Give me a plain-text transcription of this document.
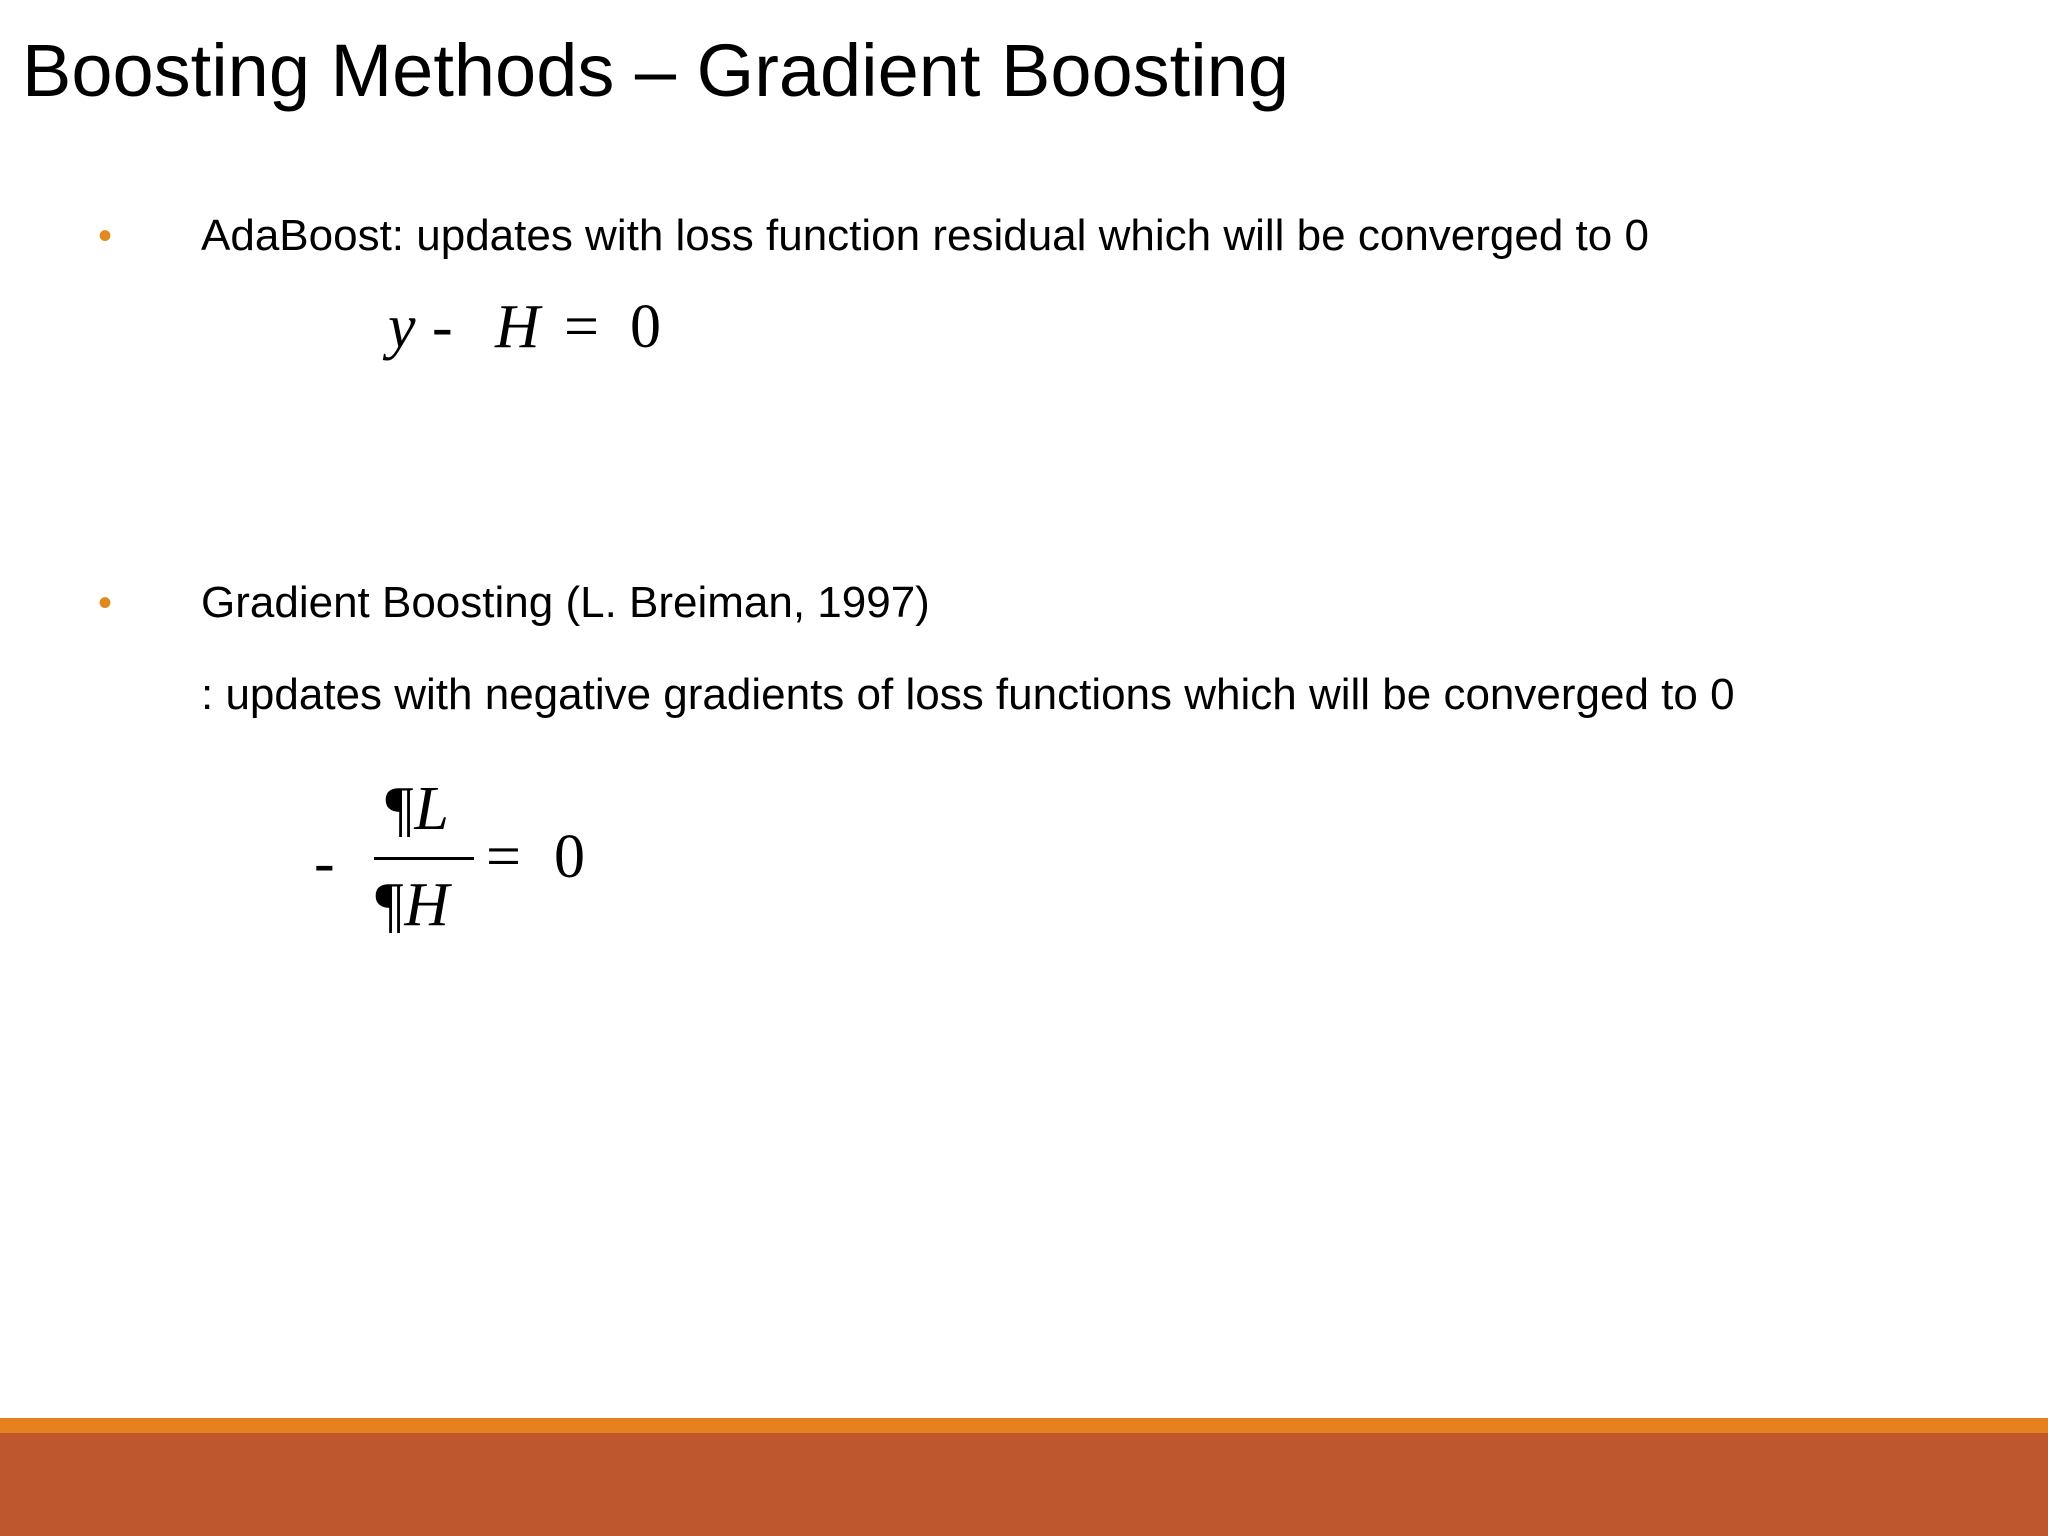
Boosting Methods – Gradient Boosting
• AdaBoost: updates with loss function residual which will be converged to 0
y - H = 0
• Gradient Boosting (L. Breiman, 1997)
: updates with negative gradients of loss functions which will be converged to 0
-
¶L
¶H
= 0
